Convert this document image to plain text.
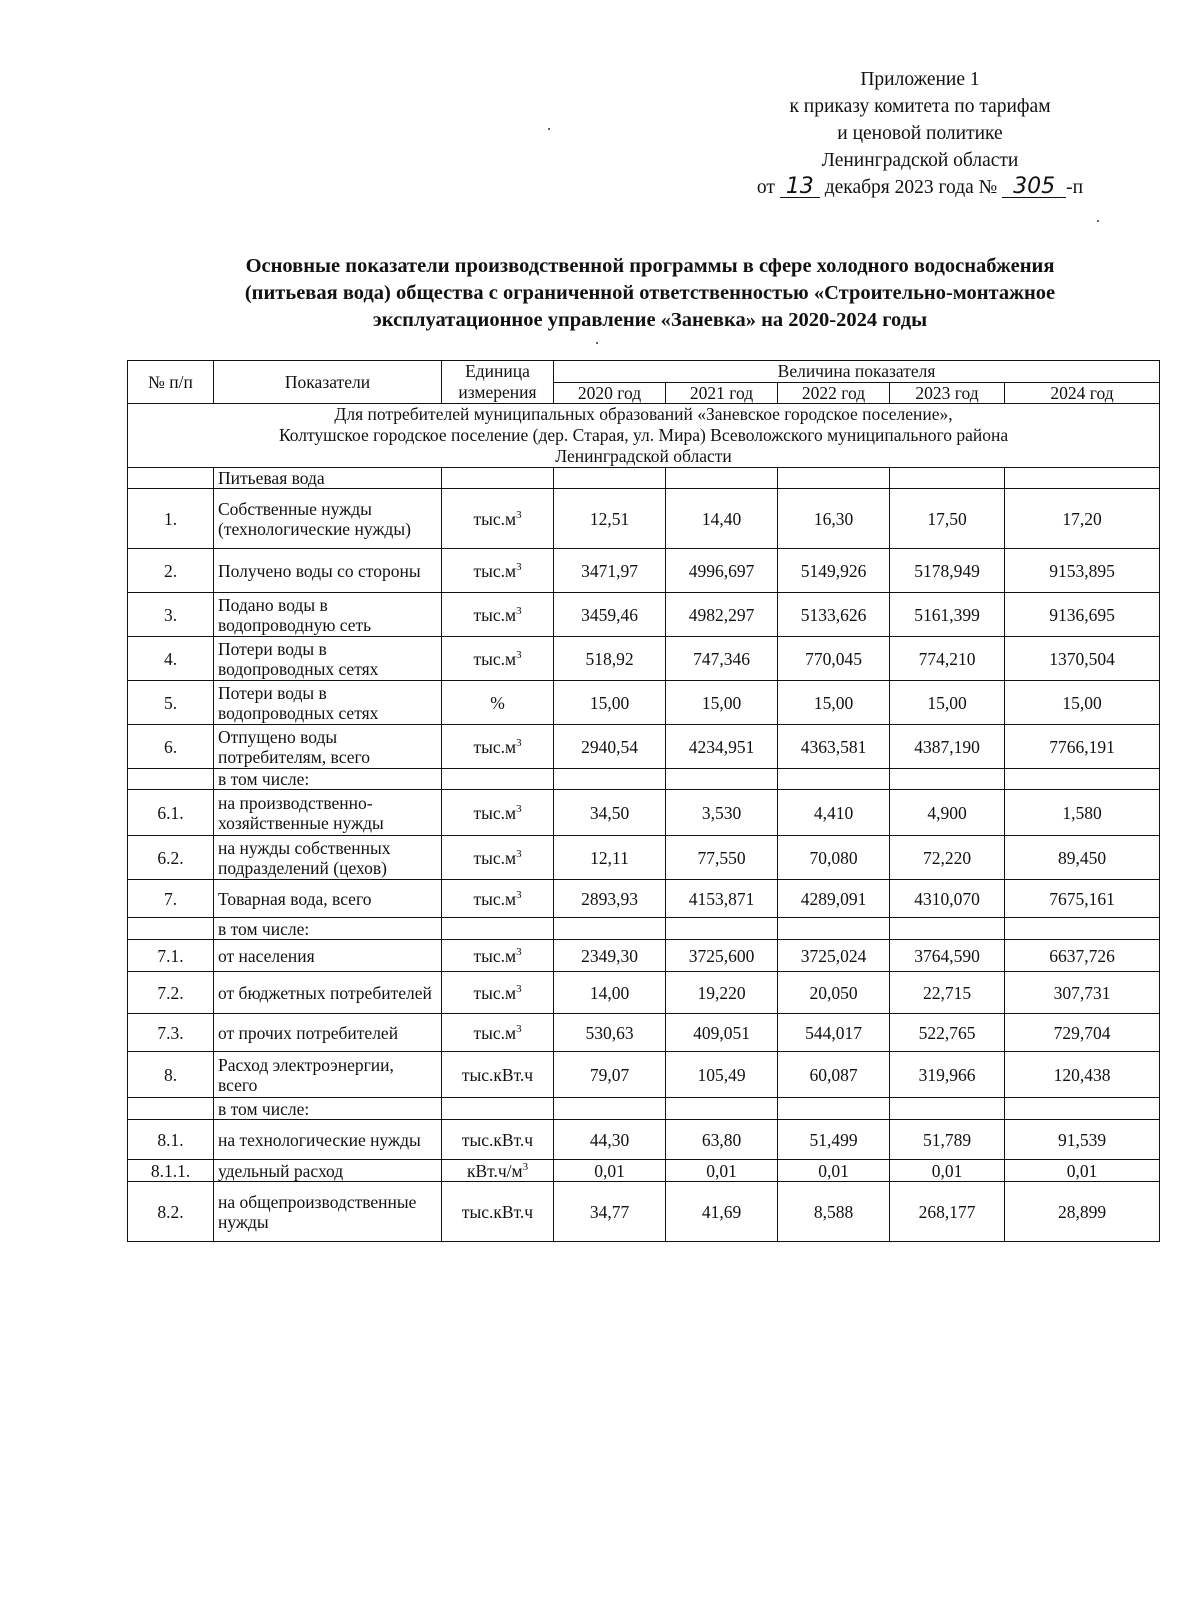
Приложение 1
к приказу комитета по тарифам
и ценовой политике
Ленинградской области
от 13 декабря 2023 года № 305 -п
Основные показатели производственной программы в сфере холодного водоснабжения
(питьевая вода) общества с ограниченной ответственностью «Строительно-монтажное
эксплуатационное управление «Заневка» на 2020-2024 годы
№ п/п	Показатели	Единица измерения	Величина показателя				
			2020 год	2021 год	2022 год	2023 год	2024 год

Для потребителей муниципальных образований «Заневское городское поселение»,
Колтушское городское поселение (дер. Старая, ул. Мира) Всеволожского муниципального района
Ленинградской области							

	Питьевая вода						
1.	Собственные нужды (технологические нужды)	$тыс.м^3$	12,51	14,40	16,30	17,50	17,20
2.	Получено воды со стороны	$тыс.м^3$	3471,97	4996,697	5149,926	5178,949	9153,895
3.	Подано воды в водопроводную сеть	$тыс.м^3$	3459,46	4982,297	5133,626	5161,399	9136,695
4.	Потери воды в водопроводных сетях	$тыс.м^3$	518,92	747,346	770,045	774,210	1370,504
5.	Потери воды в водопроводных сетях	%	15,00	15,00	15,00	15,00	15,00
6.	Отпущено воды потребителям, всего	$тыс.м^3$	2940,54	4234,951	4363,581	4387,190	7766,191
	в том числе:						
6.1.	на производственно-хозяйственные нужды	$тыс.м^3$	34,50	3,530	4,410	4,900	1,580
6.2.	на нужды собственных подразделений (цехов)	$тыс.м^3$	12,11	77,550	70,080	72,220	89,450
7.	Товарная вода, всего	$тыс.м^3$	2893,93	4153,871	4289,091	4310,070	7675,161
	в том числе:						
7.1.	от населения	$тыс.м^3$	2349,30	3725,600	3725,024	3764,590	6637,726
7.2.	от бюджетных потребителей	$тыс.м^3$	14,00	19,220	20,050	22,715	307,731
7.3.	от прочих потребителей	$тыс.м^3$	530,63	409,051	544,017	522,765	729,704
8.	Расход электроэнергии, всего	тыс.кВт.ч	79,07	105,49	60,087	319,966	120,438
	в том числе:						
8.1.	на технологические нужды	тыс.кВт.ч	44,30	63,80	51,499	51,789	91,539
8.1.1.	удельный расход	$кВт.ч/м^3$	0,01	0,01	0,01	0,01	0,01
8.2.	на общепроизводственные нужды	тыс.кВт.ч	34,77	41,69	8,588	268,177	28,899
